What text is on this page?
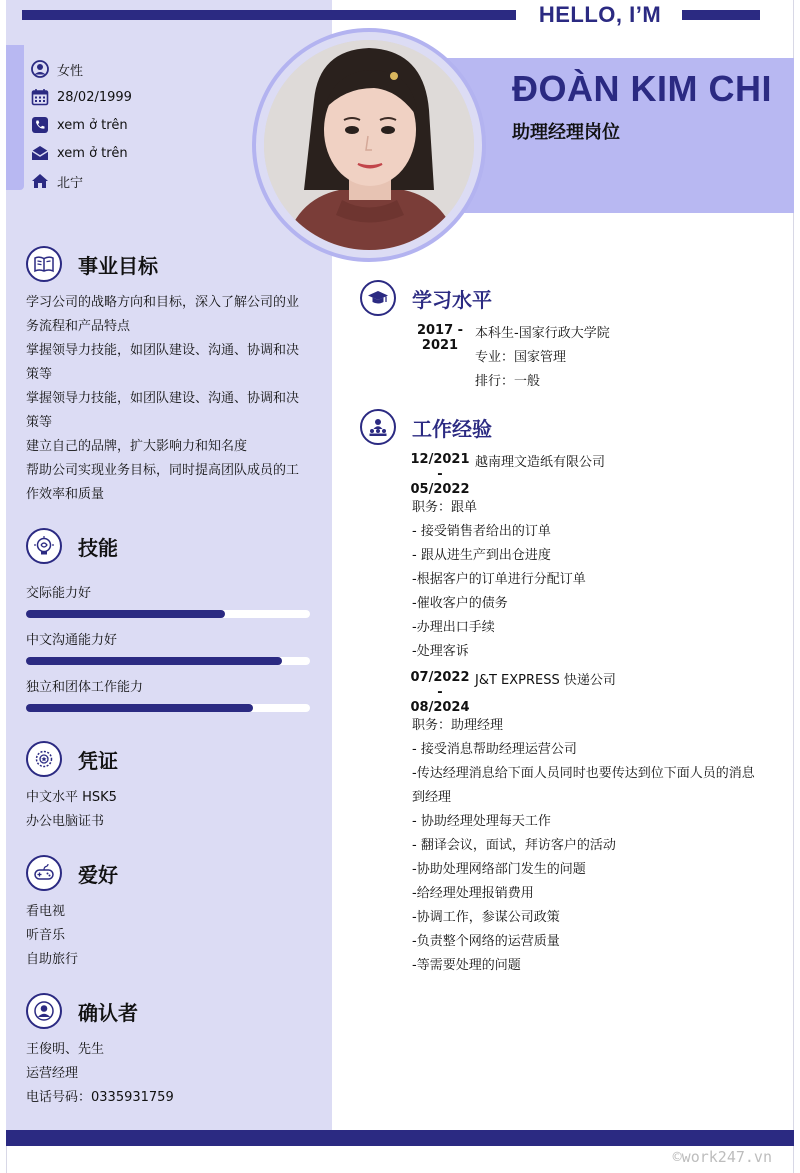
HELLO, I’M
ĐOÀN KIM CHI
助理经理岗位
女性
28/02/1999
xem ở trên
xem ở trên
北宁
事业目标
学习公司的战略方向和目标，深入了解公司的业
务流程和产品特点
掌握领导力技能，如团队建设、沟通、协调和决
策等
掌握领导力技能，如团队建设、沟通、协调和决
策等
建立自己的品牌，扩大影响力和知名度
帮助公司实现业务目标，同时提高团队成员的工
作效率和质量
技能
交际能力好
中文沟通能力好
独立和团体工作能力
凭证
中文水平 HSK5
办公电脑证书
爱好
看电视
听音乐
自助旅行
确认者
王俊明、先生
运营经理
电话号码：0335931759
学习水平
2017 -
2021
本科生-国家行政大学院
专业：国家管理
排行：一般
工作经验
12/2021
-
05/2022
越南理文造纸有限公司
职务：跟单
- 接受销售者给出的订单
- 跟从进生产到出仓进度
-根据客户的订单进行分配订单
-催收客户的债务
-办理出口手续
-处理客诉
07/2022
-
08/2024
J&T EXPRESS 快递公司
职务：助理经理
- 接受消息帮助经理运营公司
-传达经理消息给下面人员同时也要传达到位下面人员的消息
到经理
- 协助经理处理每天工作
- 翻译会议，面试，拜访客户的活动
-协助处理网络部门发生的问题
-给经理处理报销费用
-协调工作，参谋公司政策
-负责整个网络的运营质量
-等需要处理的问题
©work247.vn
